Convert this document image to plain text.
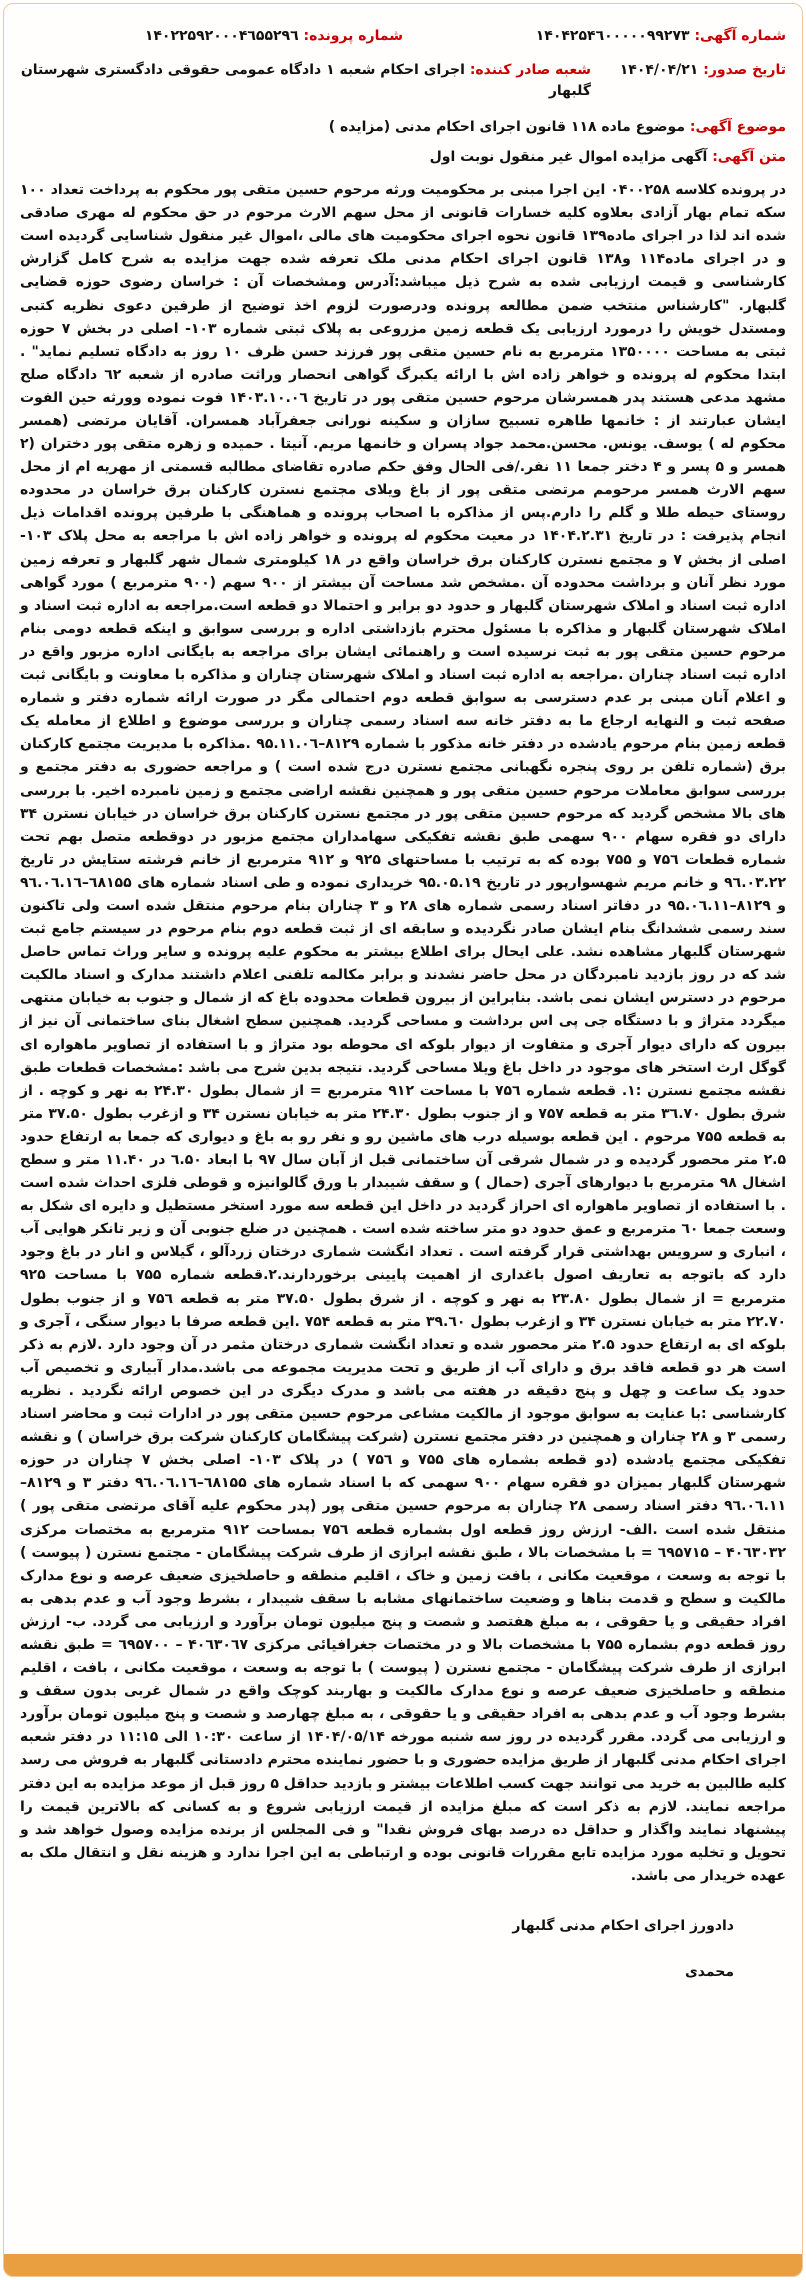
شماره آگهی: ۱۴۰۴۲۵۴٦۰۰۰۰۰۹۹۲۷۳
شماره پرونده: ۱۴۰۲۲۵۹۲۰۰۰۴٦۵۵۲۹٦
تاریخ صدور: ۱۴۰۴/۰۴/۲۱
شعبه صادر کننده: اجرای احکام شعبه ۱ دادگاه عمومی حقوقی دادگستری شهرستان گلبهار
موضوع آگهی: موضوع ماده ۱۱۸ قانون اجرای احکام مدنی (مزایده )
متن آگهی: آگهی مزایده اموال غیر منقول نوبت اول

در پرونده کلاسه ۰۴۰۰۲۵۸ این اجرا مبنی بر محکومیت ورثه مرحوم حسین متقی پور محکوم به پرداخت تعداد ۱۰۰ سکه تمام بهار آزادی بعلاوه کلیه خسارات قانونی از محل سهم الارث مرحوم در حق محکوم له مهری صادقی شده اند لذا در اجرای ماده۱۳۹ قانون نحوه اجرای محکومیت های مالی ،اموال غیر منقول شناسایی گردیده است و در اجرای ماده۱۱۴ و۱۳۸ قانون اجرای احکام مدنی ملک تعرفه شده جهت مزایده به شرح کامل گزارش کارشناسی و قیمت ارزیابی شده به شرح ذیل میباشد:آدرس ومشخصات آن : خراسان رضوی حوزه قضایی گلبهار. "کارشناس منتخب ضمن مطالعه پرونده ودرصورت لزوم اخذ توضیح از طرفین دعوی نظریه کتبی ومستدل خویش را درمورد ارزیابی یک قطعه زمین مزروعی به پلاک ثبتی شماره ۱۰۳- اصلی در بخش ۷ حوزه ثبتی به مساحت ۱۳۵۰۰۰۰ مترمربع به نام حسین متقی پور فرزند حسن ظرف ۱۰ روز به دادگاه تسلیم نماید" . ابتدا محکوم له پرونده و خواهر زاده اش با ارائه یکبرگ گواهی انحصار وراثت صادره از شعبه ٦۲ دادگاه صلح مشهد مدعی هستند پدر همسرشان مرحوم حسین متقی پور در تاریخ ۱۴۰۳.۱۰.۰٦ فوت نموده وورثه حین الفوت ایشان عبارتند از : خانمها طاهره تسبیح سازان و سکینه نورانی جعفرآباد همسران. آقایان مرتضی (همسر محکوم له ) یوسف. یونس. محسن.محمد جواد پسران و خانمها مریم. آنیتا . حمیده و زهره متقی پور دختران (۲ همسر و ۵ پسر و ۴ دختر جمعا ۱۱ نفر./فی الحال وفق حکم صادره تقاضای مطالبه قسمتی از مهریه ام از محل سهم الارث همسر مرحومم مرتضی متقی پور از باغ ویلای مجتمع نسترن کارکنان برق خراسان در محدوده روستای حیطه طلا و گلم را دارم.پس از مذاکره با اصحاب پرونده و هماهنگی با طرفین پرونده اقدامات ذیل انجام پذیرفت : در تاریخ ۱۴۰۴.۲.۳۱ در معیت محکوم له پرونده و خواهر زاده اش با مراجعه به محل پلاک ۱۰۳- اصلی از بخش ۷ و مجتمع نسترن کارکنان برق خراسان واقع در ۱۸ کیلومتری شمال شهر گلبهار و تعرفه زمین مورد نظر آنان و برداشت محدوده آن .مشخص شد مساحت آن بیشتر از ۹۰۰ سهم (۹۰۰ مترمربع ) مورد گواهی اداره ثبت اسناد و املاک شهرستان گلبهار و حدود دو برابر و احتمالا دو قطعه است.مراجعه به اداره ثبت اسناد و املاک شهرستان گلبهار و مذاکره با مسئول محترم بازداشتی اداره و بررسی سوابق و اینکه قطعه دومی بنام مرحوم حسین متقی پور به ثبت نرسیده است و راهنمائی ایشان برای مراجعه به بایگانی اداره مزبور واقع در اداره ثبت اسناد چناران .مراجعه به اداره ثبت اسناد و املاک شهرستان چناران و مذاکره با معاونت و بایگانی ثبت و اعلام آنان مبنی بر عدم دسترسی به سوابق قطعه دوم احتمالی مگر در صورت ارائه شماره دفتر و شماره صفحه ثبت و النهایه ارجاع ما به دفتر خانه سه اسناد رسمی چناران و بررسی موضوع و اطلاع از معامله یک قطعه زمین بنام مرحوم یادشده در دفتر خانه مذکور با شماره ۸۱۲۹–۹۵.۱۱.۰٦ .مذاکره با مدیریت مجتمع کارکنان برق (شماره تلفن بر روی پنجره نگهبانی مجتمع نسترن درج شده است ) و مراجعه حضوری به دفتر مجتمع و بررسی سوابق معاملات مرحوم حسین متقی پور و همچنین نقشه اراضی مجتمع و زمین نامبرده اخیر. با بررسی های بالا مشخص گردید که مرحوم حسین متقی پور در مجتمع نسترن کارکنان برق خراسان در خیابان نسترن ۳۴ دارای دو فقره سهام ۹۰۰ سهمی طبق نقشه تفکیکی سهامداران مجتمع مزبور در دوقطعه متصل بهم تحت شماره قطعات ۷۵٦ و ۷۵۵ بوده که به ترتیب با مساحتهای ۹۲۵ و ۹۱۲ مترمربع از خانم فرشته ستایش در تاریخ ۹٦.۰۳.۲۲ و خانم مریم شهسوارپور در تاریخ ۹۵.۰۵.۱۹ خریداری نموده و طی اسناد شماره های ٦۸۱۵۵–۹٦.۰٦.۱٦ و ۸۱۲۹–۹۵.۰٦.۱۱ در دفاتر اسناد رسمی شماره های ۲۸ و ۳ چناران بنام مرحوم منتقل شده است ولی تاکنون سند رسمی ششدانگ بنام ایشان صادر نگردیده و سابقه ای از ثبت قطعه دوم بنام مرحوم در سیستم جامع ثبت شهرستان گلبهار مشاهده نشد. علی ایحال برای اطلاع بیشتر به محکوم علیه پرونده و سایر وراث تماس حاصل شد که در روز بازدید نامبردگان در محل حاضر نشدند و برابر مکالمه تلفنی اعلام داشتند مدارک و اسناد مالکیت مرحوم در دسترس ایشان نمی باشد. بنابراین از بیرون قطعات محدوده باغ که از شمال و جنوب به خیابان منتهی میگردد متراژ و با دستگاه جی پی اس برداشت و مساحی گردید. همچنین سطح اشغال بنای ساختمانی آن نیز از بیرون که دارای دیوار آجری و متفاوت از دیوار بلوکه ای محوطه بود متراژ و با استفاده از تصاویر ماهواره ای گوگل ارث استخر های موجود در داخل باغ ویلا مساحی گردید. نتیجه بدین شرح می باشد :مشخصات قطعات طبق نقشه مجتمع نسترن :۱. قطعه شماره ۷۵٦ با مساحت ۹۱۲ مترمربع = از شمال بطول ۲۴.۳۰ به نهر و کوچه . از شرق بطول ۳٦.۷۰ متر به قطعه ۷۵۷ و از جنوب بطول ۲۴.۳۰ متر به خیابان نسترن ۳۴ و ازغرب بطول ۳۷.۵۰ متر به قطعه ۷۵۵ مرحوم . این قطعه بوسیله درب های ماشین رو و نفر رو به باغ و دیواری که جمعا به ارتفاع حدود ۲.۵ متر محصور گردیده و در شمال شرقی آن ساختمانی قبل از آبان سال ۹۷ با ابعاد ٦.۵۰ در ۱۱.۴۰ متر و سطح اشغال ۹۸ مترمربع با دیوارهای آجری (حمال ) و سقف شیبدار با ورق گالوانیزه و قوطی فلزی احداث شده است . با استفاده از تصاویر ماهواره ای احراز گردید در داخل این قطعه سه مورد استخر مستطیل و دایره ای شکل به وسعت جمعا ٦۰ مترمربع و عمق حدود دو متر ساخته شده است . همچنین در ضلع جنوبی آن و زیر تانکر هوایی آب ، انباری و سرویس بهداشتی قرار گرفته است . تعداد انگشت شماری درختان زردآلو ، گیلاس و انار در باغ وجود دارد که باتوجه به تعاریف اصول باغداری از اهمیت پایینی برخوردارند.۲.قطعه شماره ۷۵۵ با مساحت ۹۲۵ مترمربع = از شمال بطول ۲۳.۸۰ به نهر و کوچه . از شرق بطول ۳۷.۵۰ متر به قطعه ۷۵٦ و از جنوب بطول ۲۲.۷۰ متر به خیابان نسترن ۳۴ و ازغرب بطول ۳۹.٦۰ متر به قطعه ۷۵۴ .این قطعه صرفا با دیوار سنگی ، آجری و بلوکه ای به ارتفاع حدود ۲.۵ متر محصور شده و تعداد انگشت شماری درختان مثمر در آن وجود دارد .لازم به ذکر است هر دو قطعه فاقد برق و دارای آب از طریق و تحت مدیریت مجموعه می باشد.مدار آبیاری و تخصیص آب حدود یک ساعت و چهل و پنج دقیقه در هفته می باشد و مدرک دیگری در این خصوص ارائه نگردید . نظریه کارشناسی :با عنایت به سوابق موجود از مالکیت مشاعی مرحوم حسین متقی پور در ادارات ثبت و محاضر اسناد رسمی ۳ و ۲۸ چناران و همچنین در دفتر مجتمع نسترن (شرکت پیشگامان کارکنان شرکت برق خراسان ) و نقشه تفکیکی مجتمع یادشده (دو قطعه بشماره های ۷۵۵ و ۷۵٦ ) در پلاک ۱۰۳- اصلی بخش ۷ چناران در حوزه شهرستان گلبهار بمیزان دو فقره سهام ۹۰۰ سهمی که با اسناد شماره های ٦۸۱۵۵–۹٦.۰٦.۱٦ دفتر ۳ و ۸۱۲۹–۹٦.۰٦.۱۱ دفتر اسناد رسمی ۲۸ چناران به مرحوم حسین متقی پور (پدر محکوم علیه آقای مرتضی متقی پور ) منتقل شده است .الف- ارزش روز قطعه اول بشماره قطعه ۷۵٦ بمساحت ۹۱۲ مترمربع به مختصات مرکزی ۴۰٦۳۰۳۲ – ٦۹۵۷۱۵ = با مشخصات بالا ، طبق نقشه ابرازی از طرف شرکت پیشگامان - مجتمع نسترن ( پیوست ) با توجه به وسعت ، موقعیت مکانی ، بافت زمین و خاک ، اقلیم منطقه و حاصلخیزی ضعیف عرصه و نوع مدارک مالکیت و سطح و قدمت بناها و وضعیت ساختمانهای مشابه با سقف شیبدار ، بشرط وجود آب و عدم بدهی به افراد حقیقی و یا حقوقی ، به مبلغ هفتصد و شصت و پنج میلیون تومان برآورد و ارزیابی می گردد. ب- ارزش روز قطعه دوم بشماره ۷۵۵ با مشخصات بالا و در مختصات جغرافیائی مرکزی ۴۰٦۳۰٦۷ – ٦۹۵۷۰۰ = طبق نقشه ابرازی از طرف شرکت پیشگامان - مجتمع نسترن ( پیوست ) با توجه به وسعت ، موقعیت مکانی ، بافت ، اقلیم منطقه و حاصلخیزی ضعیف عرصه و نوع مدارک مالکیت و بهاربند کوچک واقع در شمال غربی بدون سقف و بشرط وجود آب و عدم بدهی به افراد حقیقی و یا حقوقی ، به مبلغ چهارصد و شصت و پنج میلیون تومان برآورد و ارزیابی می گردد. مقرر گردیده در روز سه شنبه مورخه ۱۴۰۴/۰۵/۱۴ از ساعت ۱۰:۳۰ الی ۱۱:۱۵ در دفتر شعبه اجرای احکام مدنی گلبهار از طریق مزایده حضوری و با حضور نماینده محترم دادستانی گلبهار به فروش می رسد کلیه طالبین به خرید می توانند جهت کسب اطلاعات بیشتر و بازدید حداقل ۵ روز قبل از موعد مزایده به این دفتر مراجعه نمایند. لازم به ذکر است که مبلغ مزایده از قیمت ارزیابی شروع و به کسانی که بالاترین قیمت را پیشنهاد نمایند واگذار و حداقل ده درصد بهای فروش نقدا" و فی المجلس از برنده مزایده وصول خواهد شد و تحویل و تخلیه مورد مزایده تابع مقررات قانونی بوده و ارتباطی به این اجرا ندارد و هزینه نقل و انتقال ملک به عهده خریدار می باشد.

دادورز اجرای احکام مدنی گلبهار
محمدی
